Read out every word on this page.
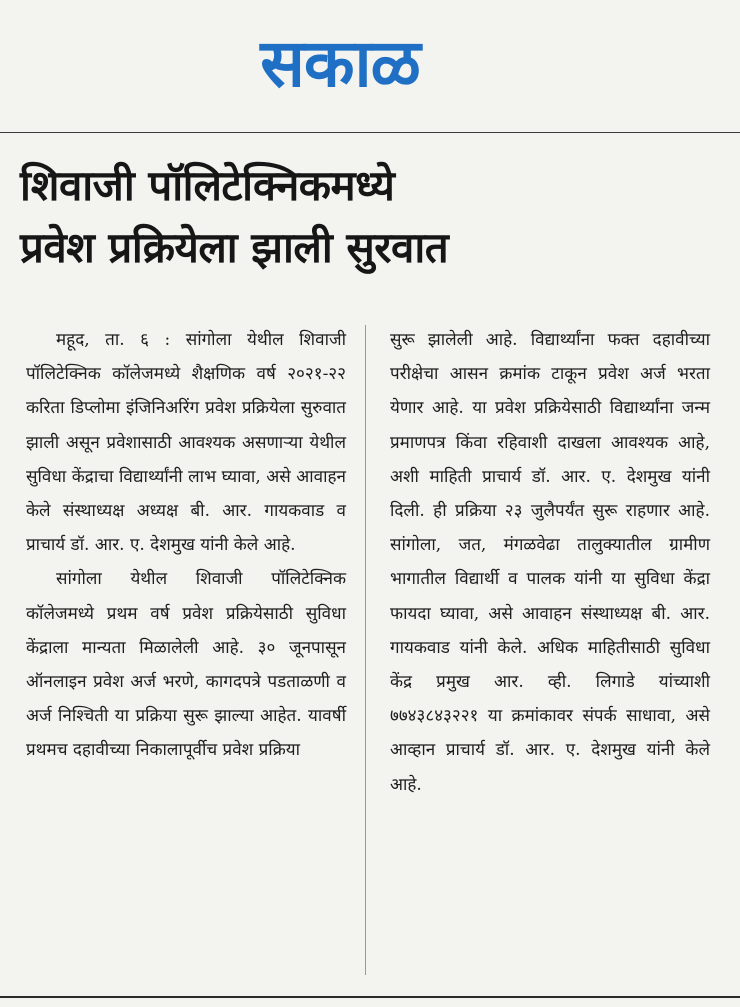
सकाळ
शिवाजी पॉलिटेक्निकमध्ये
प्रवेश प्रक्रियेला झाली सुरवात

महूद, ता. ६ : सांगोला येथील शिवाजी पॉलिटेक्निक कॉलेजमध्ये शैक्षणिक वर्ष २०२१-२२ करिता डिप्लोमा इंजिनिअरिंग प्रवेश प्रक्रियेला सुरुवात झाली असून प्रवेशासाठी आवश्यक असणाऱ्या येथील सुविधा केंद्राचा विद्यार्थ्यांनी लाभ घ्यावा, असे आवाहन केले संस्थाध्यक्ष अध्यक्ष बी. आर. गायकवाड व प्राचार्य डॉ. आर. ए. देशमुख यांनी केले आहे.

सांगोला येथील शिवाजी पॉलिटेक्निक कॉलेजमध्ये प्रथम वर्ष प्रवेश प्रक्रियेसाठी सुविधा केंद्राला मान्यता मिळालेली आहे. ३० जूनपासून ऑनलाइन प्रवेश अर्ज भरणे, कागदपत्रे पडताळणी व अर्ज निश्चिती या प्रक्रिया सुरू झाल्या आहेत. यावर्षी प्रथमच दहावीच्या निकालापूर्वीच प्रवेश प्रक्रिया

सुरू झालेली आहे. विद्यार्थ्यांना फक्त दहावीच्या परीक्षेचा आसन क्रमांक टाकून प्रवेश अर्ज भरता येणार आहे. या प्रवेश प्रक्रियेसाठी विद्यार्थ्यांना जन्म प्रमाणपत्र किंवा रहिवाशी दाखला आवश्यक आहे, अशी माहिती प्राचार्य डॉ. आर. ए. देशमुख यांनी दिली. ही प्रक्रिया २३ जुलैपर्यंत सुरू राहणार आहे. सांगोला, जत, मंगळवेढा तालुक्यातील ग्रामीण भागातील विद्यार्थी व पालक यांनी या सुविधा केंद्रा फायदा घ्यावा, असे आवाहन संस्थाध्यक्ष बी. आर. गायकवाड यांनी केले. अधिक माहितीसाठी सुविधा केंद्र प्रमुख आर. व्ही. लिगाडे यांच्याशी ७७४३८४३२२१ या क्रमांकावर संपर्क साधावा, असे आव्हान प्राचार्य डॉ. आर. ए. देशमुख यांनी केले आहे.
